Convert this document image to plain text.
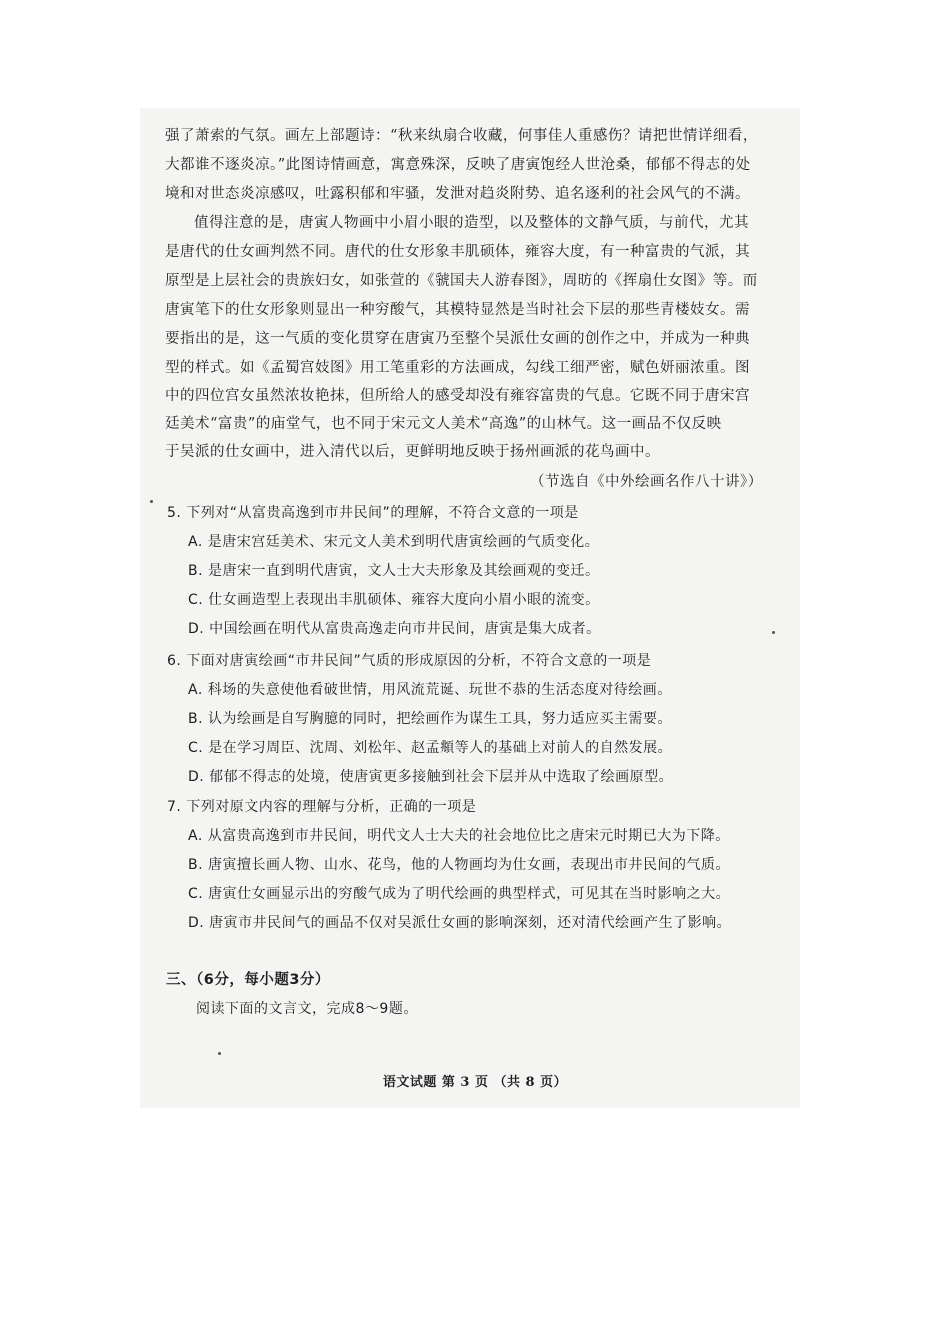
强了萧索的气氛。画左上部题诗：“秋来纨扇合收藏，何事佳人重感伤？请把世情详细看，
大都谁不逐炎凉。”此图诗情画意，寓意殊深，反映了唐寅饱经人世沧桑，郁郁不得志的处
境和对世态炎凉感叹，吐露积郁和牢骚，发泄对趋炎附势、追名逐利的社会风气的不满。
值得注意的是，唐寅人物画中小眉小眼的造型，以及整体的文静气质，与前代，尤其
是唐代的仕女画判然不同。唐代的仕女形象丰肌硕体，雍容大度，有一种富贵的气派，其
原型是上层社会的贵族妇女，如张萱的《虢国夫人游春图》，周昉的《挥扇仕女图》等。而
唐寅笔下的仕女形象则显出一种穷酸气，其模特显然是当时社会下层的那些青楼妓女。需
要指出的是，这一气质的变化贯穿在唐寅乃至整个吴派仕女画的创作之中，并成为一种典
型的样式。如《孟蜀宫妓图》用工笔重彩的方法画成，勾线工细严密，赋色妍丽浓重。图
中的四位宫女虽然浓妆艳抹，但所给人的感受却没有雍容富贵的气息。它既不同于唐宋宫
廷美术“富贵”的庙堂气，也不同于宋元文人美术“高逸”的山林气。这一画品不仅反映
于吴派的仕女画中，进入清代以后，更鲜明地反映于扬州画派的花鸟画中。
（节选自《中外绘画名作八十讲》）
5. 下列对“从富贵高逸到市井民间”的理解，不符合文意的一项是
A. 是唐宋宫廷美术、宋元文人美术到明代唐寅绘画的气质变化。
B. 是唐宋一直到明代唐寅，文人士大夫形象及其绘画观的变迁。
C. 仕女画造型上表现出丰肌硕体、雍容大度向小眉小眼的流变。
D. 中国绘画在明代从富贵高逸走向市井民间，唐寅是集大成者。
6. 下面对唐寅绘画“市井民间”气质的形成原因的分析，不符合文意的一项是
A. 科场的失意使他看破世情，用风流荒诞、玩世不恭的生活态度对待绘画。
B. 认为绘画是自写胸臆的同时，把绘画作为谋生工具，努力适应买主需要。
C. 是在学习周臣、沈周、刘松年、赵孟頫等人的基础上对前人的自然发展。
D. 郁郁不得志的处境，使唐寅更多接触到社会下层并从中选取了绘画原型。
7. 下列对原文内容的理解与分析，正确的一项是
A. 从富贵高逸到市井民间，明代文人士大夫的社会地位比之唐宋元时期已大为下降。
B. 唐寅擅长画人物、山水、花鸟，他的人物画均为仕女画，表现出市井民间的气质。
C. 唐寅仕女画显示出的穷酸气成为了明代绘画的典型样式，可见其在当时影响之大。
D. 唐寅市井民间气的画品不仅对吴派仕女画的影响深刻，还对清代绘画产生了影响。
三、（6分，每小题3分）
阅读下面的文言文，完成8～9题。
语文试题 第 3 页 （共 8 页）
